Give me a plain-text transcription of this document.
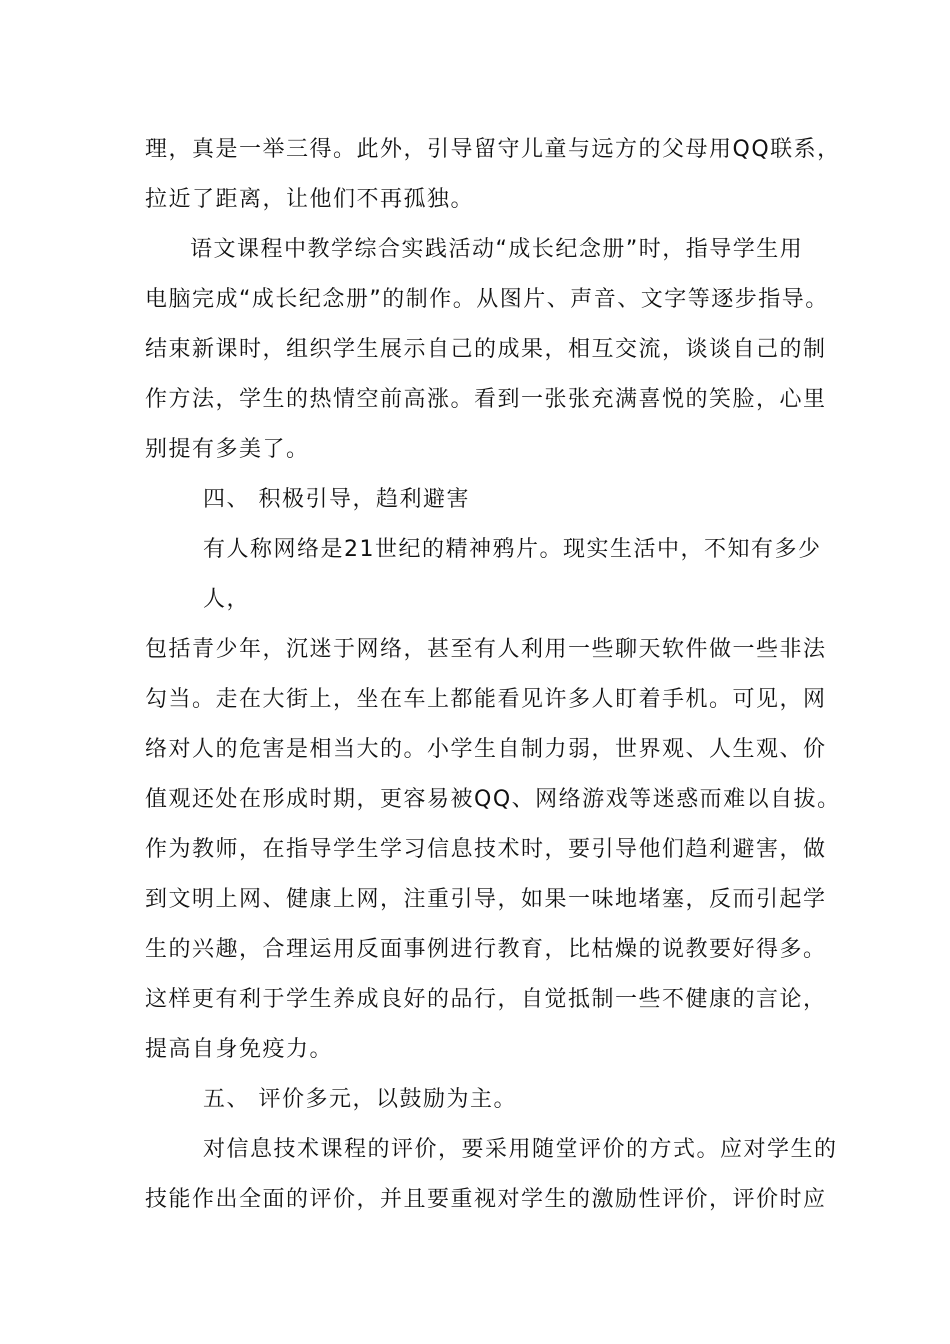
理，真是一举三得。此外，引导留守儿童与远方的父母用QQ联系，
拉近了距离，让他们不再孤独。
语文课程中教学综合实践活动“成长纪念册”时，指导学生用
电脑完成“成长纪念册”的制作。从图片、声音、文字等逐步指导。
结束新课时，组织学生展示自己的成果，相互交流，谈谈自己的制
作方法，学生的热情空前高涨。看到一张张充满喜悦的笑脸，心里
别提有多美了。
四、 积极引导，趋利避害
有人称网络是21世纪的精神鸦片。现实生活中，不知有多少
人，
包括青少年，沉迷于网络，甚至有人利用一些聊天软件做一些非法
勾当。走在大街上，坐在车上都能看见许多人盯着手机。可见，网
络对人的危害是相当大的。小学生自制力弱，世界观、人生观、价
值观还处在形成时期，更容易被QQ、网络游戏等迷惑而难以自拔。
作为教师，在指导学生学习信息技术时，要引导他们趋利避害，做
到文明上网、健康上网，注重引导，如果一味地堵塞，反而引起学
生的兴趣，合理运用反面事例进行教育，比枯燥的说教要好得多。
这样更有利于学生养成良好的品行，自觉抵制一些不健康的言论，
提高自身免疫力。
五、 评价多元，以鼓励为主。
对信息技术课程的评价，要采用随堂评价的方式。应对学生的
技能作出全面的评价，并且要重视对学生的激励性评价，评价时应
